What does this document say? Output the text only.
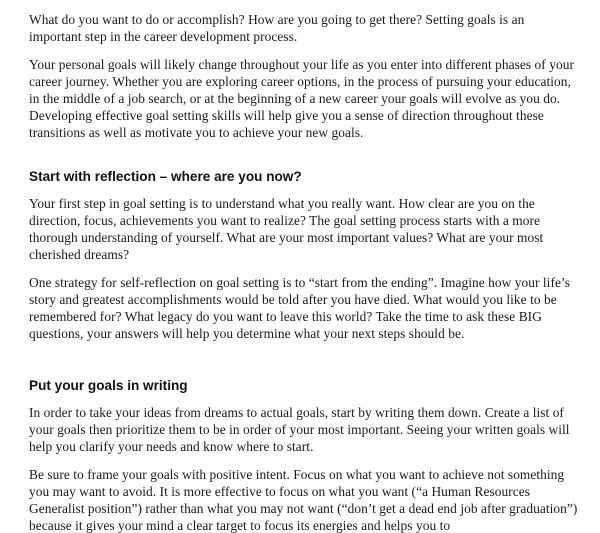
What do you want to do or accomplish? How are you going to get there? Setting goals is an important step in the career development process.

Your personal goals will likely change throughout your life as you enter into different phases of your career journey. Whether you are exploring career options, in the process of pursuing your education, in the middle of a job search, or at the beginning of a new career your goals will evolve as you do. Developing effective goal setting skills will help give you a sense of direction throughout these transitions as well as motivate you to achieve your new goals.

Start with reflection – where are you now?

Your first step in goal setting is to understand what you really want. How clear are you on the direction, focus, achievements you want to realize? The goal setting process starts with a more thorough understanding of yourself. What are your most important values? What are your most cherished dreams?

One strategy for self-reflection on goal setting is to “start from the ending”. Imagine how your life’s story and greatest accomplishments would be told after you have died. What would you like to be remembered for? What legacy do you want to leave this world? Take the time to ask these BIG questions, your answers will help you determine what your next steps should be.

Put your goals in writing

In order to take your ideas from dreams to actual goals, start by writing them down. Create a list of your goals then prioritize them to be in order of your most important. Seeing your written goals will help you clarify your needs and know where to start.

Be sure to frame your goals with positive intent. Focus on what you want to achieve not something you may want to avoid. It is more effective to focus on what you want (“a Human Resources Generalist position”) rather than what you may not want (“don’t get a dead end job after graduation”) because it gives your mind a clear target to focus its energies and helps you to
